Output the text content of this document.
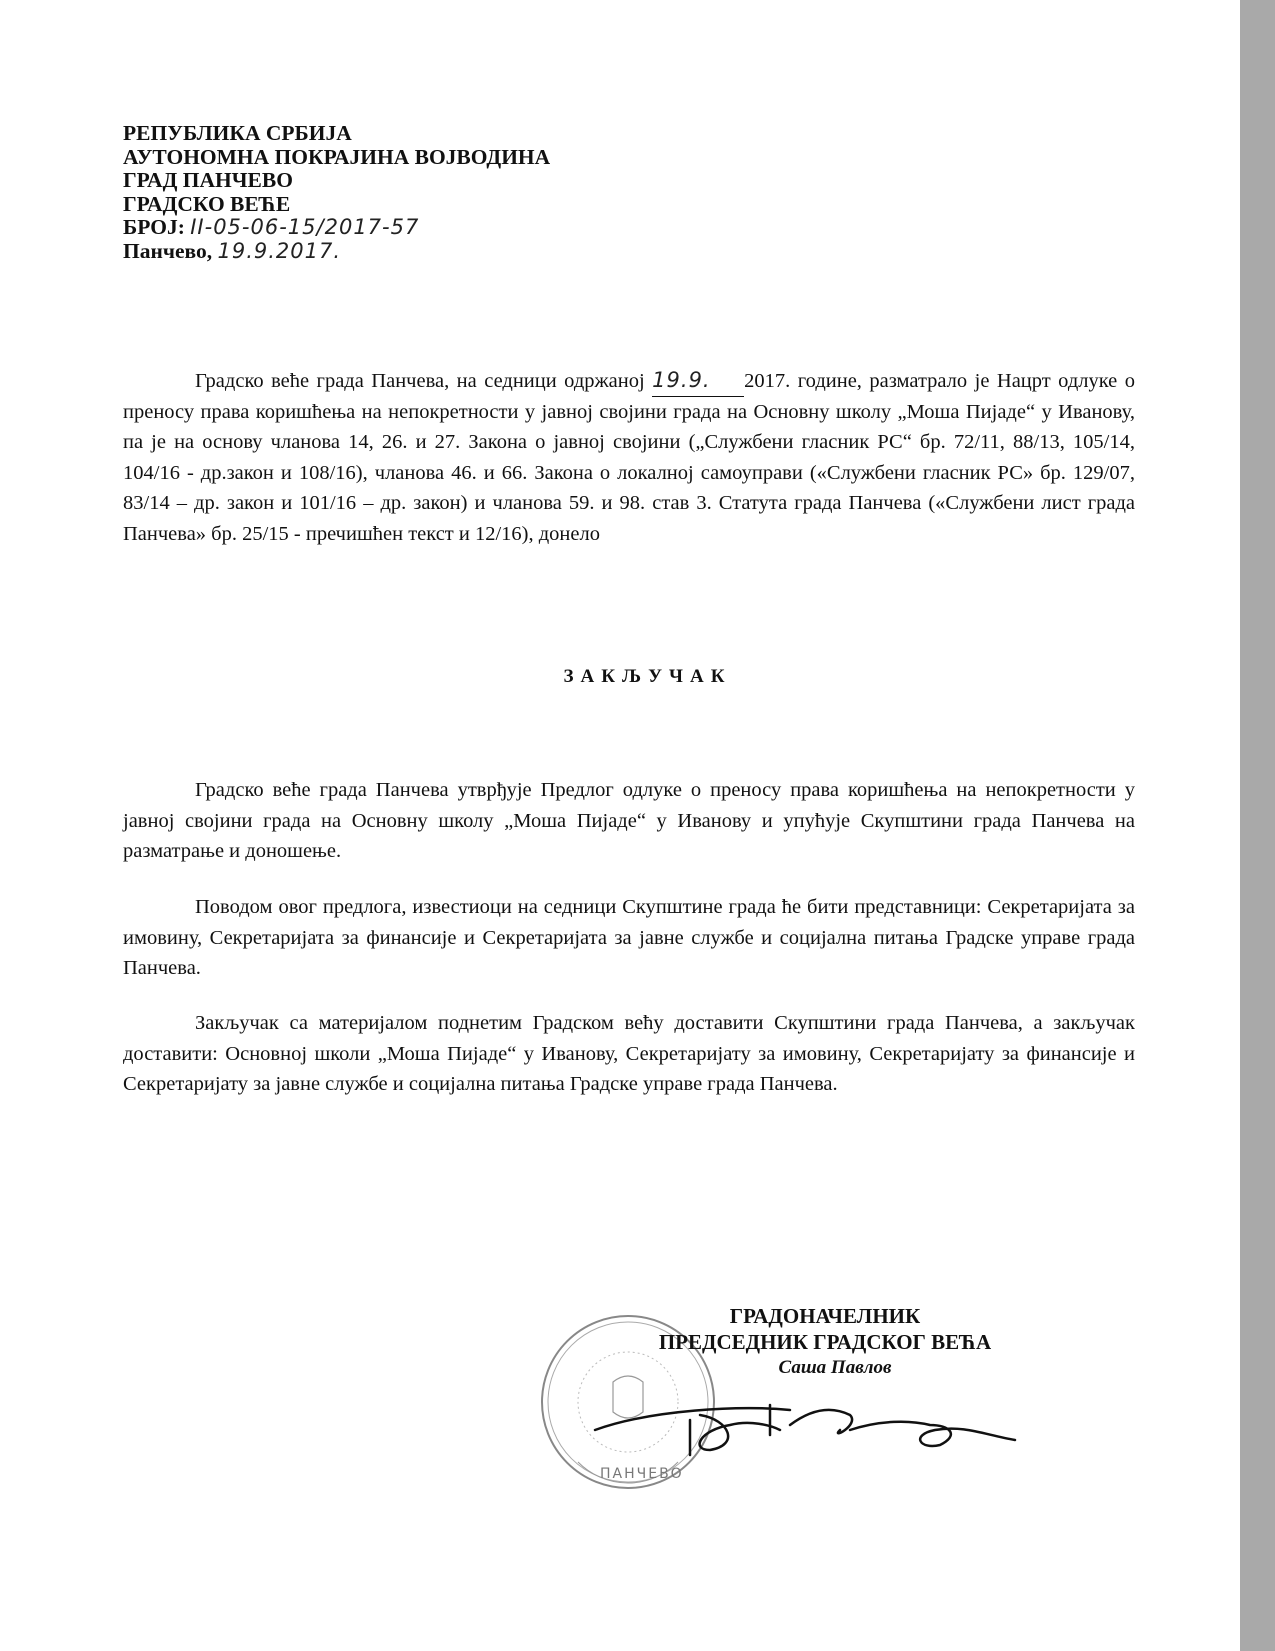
РЕПУБЛИКА СРБИЈА
АУТОНОМНА ПОКРАЈИНА ВОЈВОДИНА
ГРАД ПАНЧЕВО
ГРАДСКО ВЕЋЕ
БРОЈ: II-05-06-15/2017-57
Панчево, 19.9.2017.

Градско веће града Панчева, на седници одржаној 19.9. 2017. године, разматрало је Нацрт одлуке о преносу права коришћења на непокретности у јавној својини града на Основну школу „Моша Пијаде“ у Иванову, па је на основу чланова 14, 26. и 27. Закона о јавној својини („Службени гласник РС“ бр. 72/11, 88/13, 105/14, 104/16 - др.закон и 108/16), чланова 46. и 66. Закона о локалној самоуправи («Службени гласник РС» бр. 129/07, 83/14 – др. закон и 101/16 – др. закон) и чланова 59. и 98. став 3. Статута града Панчева («Службени лист града Панчева» бр. 25/15 - пречишћен текст и 12/16), донело

ЗАКЉУЧАК

Градско веће града Панчева утврђује Предлог одлуке о преносу права коришћења на непокретности у јавној својини града на Основну школу „Моша Пијаде“ у Иванову и упућује Скупштини града Панчева на разматрање и доношење.

Поводом овог предлога, известиоци на седници Скупштине града ће бити представници: Секретаријата за имовину, Секретаријата за финансије и Секретаријата за јавне службе и социјална питања Градске управе града Панчева.

Закључак са материјалом поднетим Градском већу доставити Скупштини града Панчева, а закључак доставити: Основној школи „Моша Пијаде“ у Иванову, Секретаријату за имовину, Секретаријату за финансије и Секретаријату за јавне службе и социјална питања Градске управе града Панчева.

ПАНЧЕВО
ГРАДОНАЧЕЛНИК
ПРЕДСЕДНИК ГРАДСКОГ ВЕЋА
Саша Павлов
